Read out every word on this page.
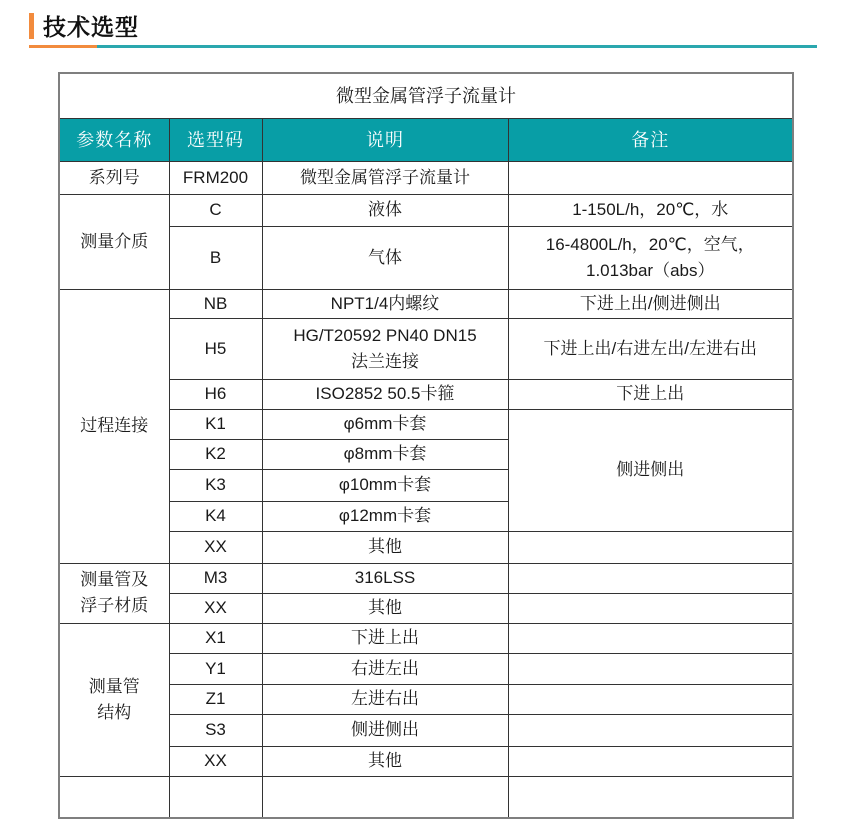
技术选型
微型金属管浮子流量计			
参数名称	选型码	说明	备注

系列号	FRM200	微型金属管浮子流量计	

测量介质	C	液体	1-150L/h，20℃，水

	B	气体	16-4800L/h，20℃，空气，
1.013bar（abs）

过程连接	NB	NPT1/4内螺纹	下进上出/侧进侧出

	H5	HG/T20592 PN40 DN15
法兰连接	下进上出/右进左出/左进右出

	H6	ISO2852 50.5卡箍	下进上出

	K1	φ6mm卡套	侧进侧出

	K2	φ8mm卡套	

	K3	φ10mm卡套	

	K4	φ12mm卡套	

	XX	其他	

测量管及
浮子材质	M3	316LSS	

	XX	其他	

测量管
结构	X1	下进上出	

	Y1	右进左出	

	Z1	左进右出	

	S3	侧进侧出	

	XX	其他	
